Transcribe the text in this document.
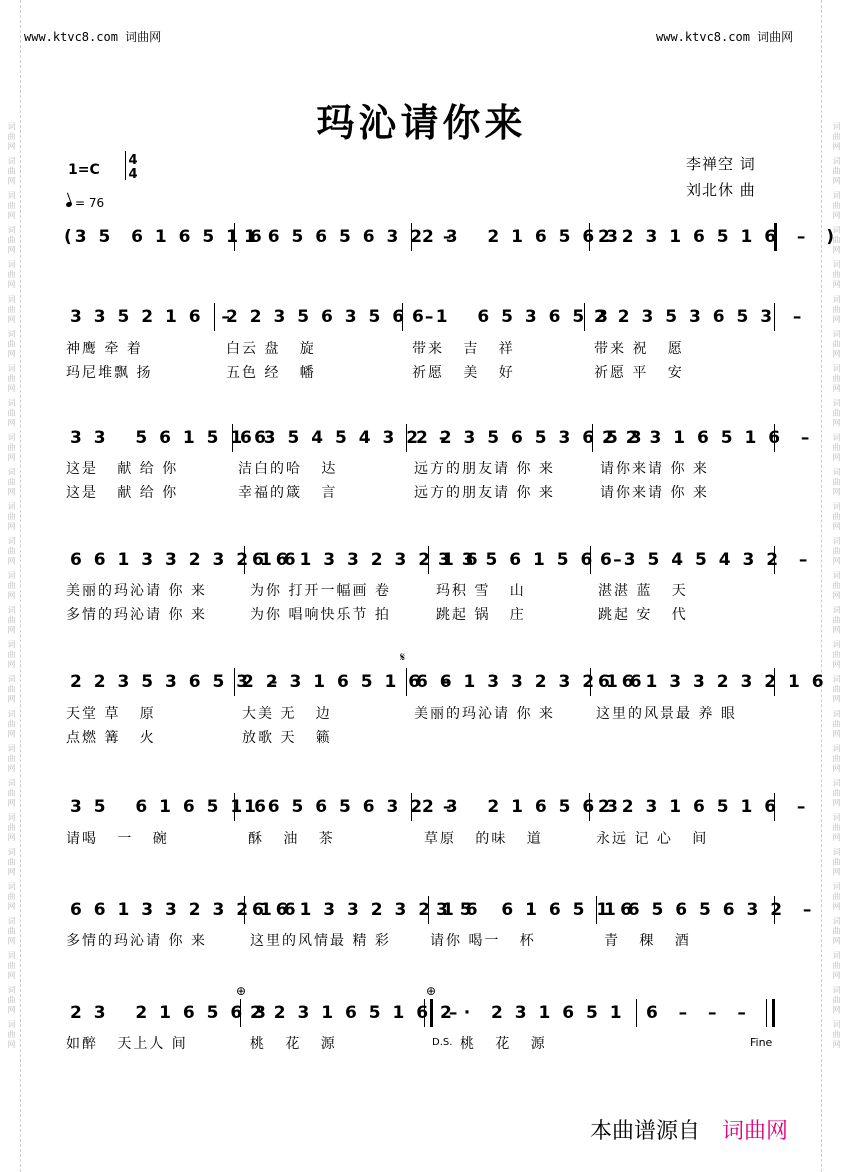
词曲网 词曲网 词曲网 词曲网 词曲网 词曲网 词曲网 词曲网 词曲网 词曲网 词曲网 词曲网 词曲网 词曲网 词曲网 词曲网 词曲网 词曲网 词曲网 词曲网 词曲网 词曲网 词曲网 词曲网 词曲网 词曲网 词曲网	词曲网 词曲网 词曲网 词曲网 词曲网 词曲网 词曲网 词曲网 词曲网 词曲网 词曲网 词曲网 词曲网 词曲网 词曲网 词曲网 词曲网 词曲网 词曲网 词曲网 词曲网 词曲网 词曲网 词曲网 词曲网 词曲网 词曲网
www.ktvc8.com 词曲网	www.ktvc8.com 词曲网
玛沁请你来
1=C
4
4
= 76
李禅空 词
刘北休 曲
(3 5  6 1 6 5 1 6
1 6 5 6 5 6 3 2  –
2 3   2 1 6 5 6 3
2 2 3 1 6 5 1 6  –  )
3 3 5 2 1 6  –
2 2 3 5 6 3 5 6  –
6 1   6 5 3 6 5 3
2 2 3 5 3 6 5 3  –
神鹰 牵 着	白云 盘   旋	带来   吉   祥	带来 祝   愿
玛尼堆飘 扬	五色 经   幡	祈愿   美   好	祈愿 平   安
3 3   5 6 1 5 1 6
6 3 5 4 5 4 3 2  –
2 2 3 5 6 5 3 6 5 3
2 2 3 1 6 5 1 6  –
这是   献 给 你	洁白的哈   达	远方的朋友请 你 来	请你来请 你 来
这是   献 给 你	幸福的箴   言	远方的朋友请 你 来	请你来请 你 来
6 6 1 3 3 2 3 2 1 6
6 6 1 3 3 2 3 2 1 6
3 3 5 6 1 5 6  –
6 3 5 4 5 4 3 2  –
美丽的玛沁请 你 来	为你 打开一幅画 卷	玛积 雪   山	湛湛 蓝   天
多情的玛沁请 你 来	为你 唱响快乐节 拍	跳起 锅   庄	跳起 安   代
𝄋
2 2 3 5 3 6 5 3  –
2 2 3 1 6 5 1 6  –
6 6 1 3 3 2 3 2 1 6
6 6 1 3 3 2 3 2 1 6
天堂 草   原	大美 无   边	美丽的玛沁请 你 来	这里的风景最 养 眼
点燃 篝   火	放歌 天   籁
3 5   6 1 6 5 1 6
1 6 5 6 5 6 3 2  –
2 3   2 1 6 5 6 3
2 2 3 1 6 5 1 6  –
请喝   一   碗	酥   油   茶	草原   的味   道	永远 记 心   间
6 6 1 3 3 2 3 2 1 6
6 6 1 3 3 2 3 2 1 6
3 5   6 1 6 5 1 6
1 6 5 6 5 6 3 2  –
多情的玛沁请 你 来	这里的风情最 精 彩	请你 喝一   杯	青   稞   酒
⊕	⊕
2 3   2 1 6 5 6 3
2 2 3 1 6 5 1 6  –
2 ·  2 3 1 6 5 1 6  –  –  –
如醉   天上人 间	桃   花   源	D.S. 桃   花   源	Fine
本曲谱源自 词曲网
